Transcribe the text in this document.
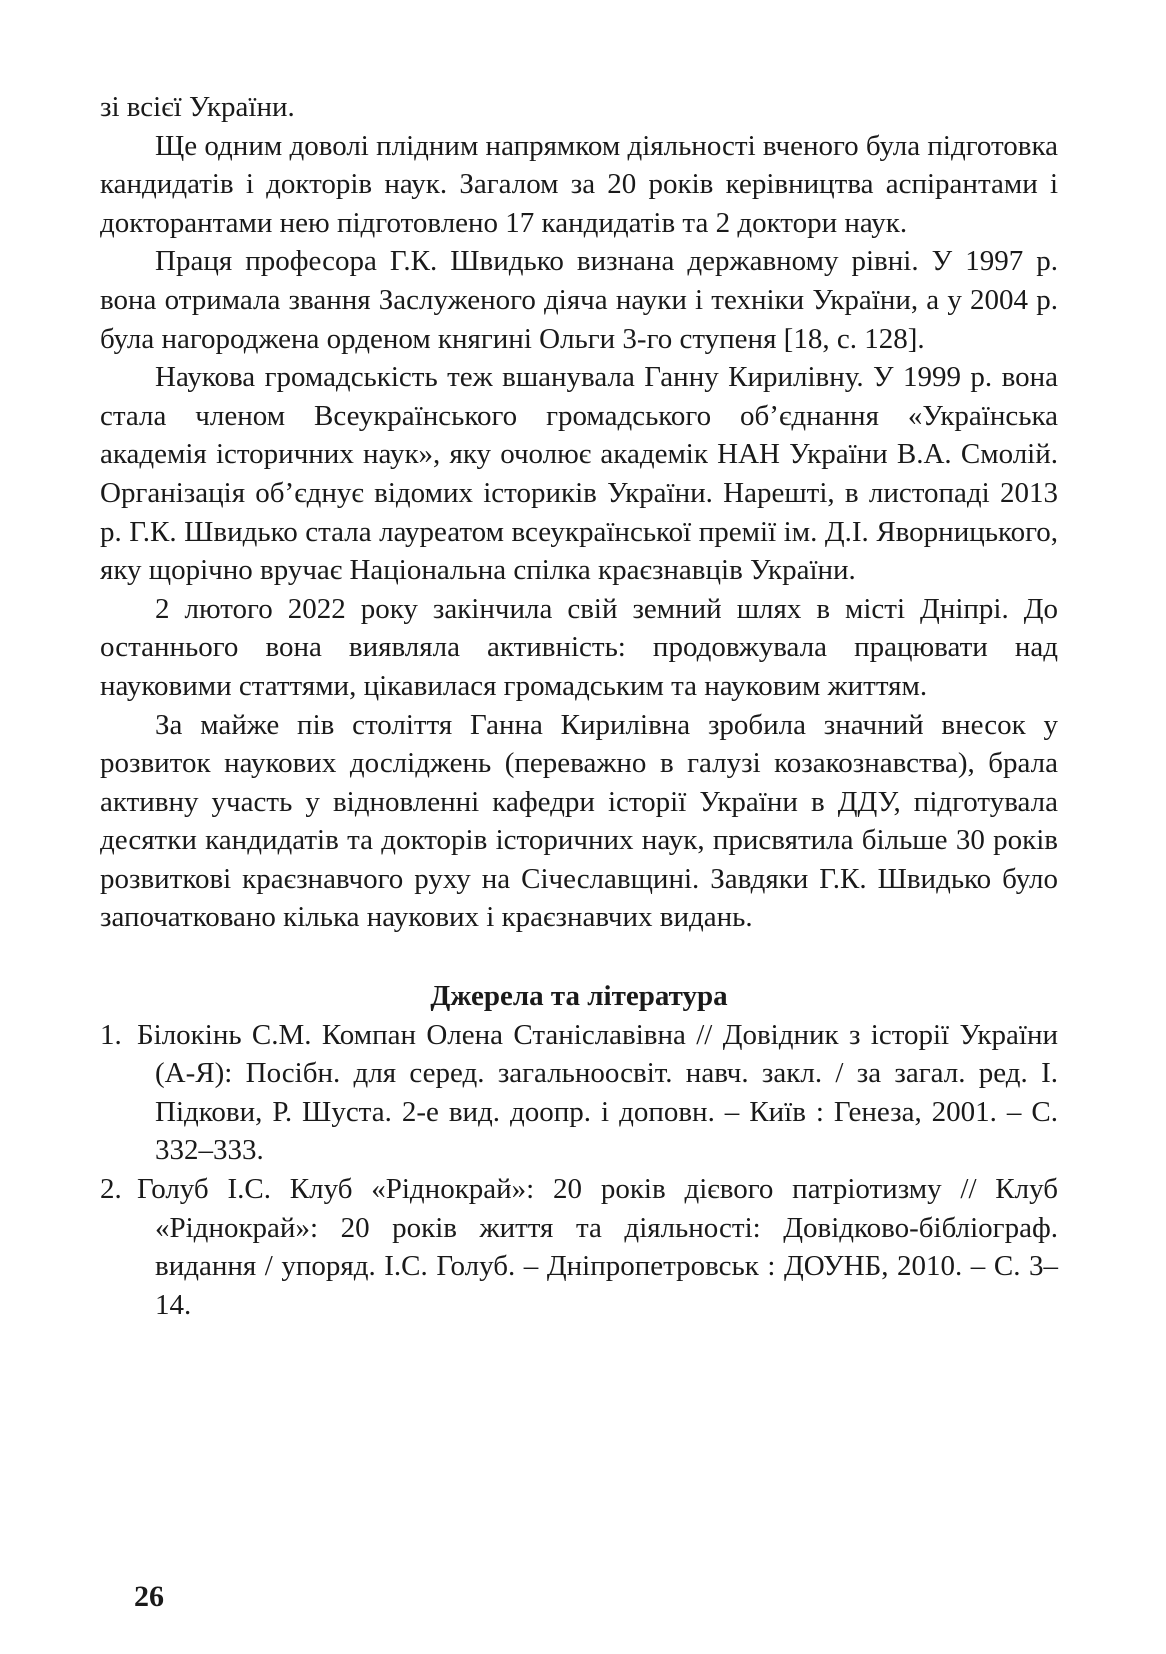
зі всієї України.

Ще одним доволі плідним напрямком діяльності вченого була підготовка кандидатів і докторів наук. Загалом за 20 років керівництва аспірантами і докторантами нею підготовлено 17 кандидатів та 2 доктори наук.

Праця професора Г.К. Швидько визнана державному рівні. У 1997 р. вона отримала звання Заслуженого діяча науки і техніки України, а у 2004 р. була нагороджена орденом княгині Ольги 3-го ступеня [18, с. 128].

Наукова громадськість теж вшанувала Ганну Кирилівну. У 1999 р. вона стала членом Всеукраїнського громадського об’єднання «Українська академія історичних наук», яку очолює академік НАН України В.А. Смолій. Організація об’єднує відомих істориків України. Нарешті, в листопаді 2013 р. Г.К. Швидько стала лауреатом всеукраїнської премії ім. Д.І. Яворницького, яку щорічно вручає Національна спілка краєзнавців України.

2 лютого 2022 року закінчила свій земний шлях в місті Дніпрі. До останнього вона виявляла активність: продовжувала працювати над науковими статтями, цікавилася громадським та науковим життям.

За майже пів століття Ганна Кирилівна зробила значний внесок у розвиток наукових досліджень (переважно в галузі козакознавства), брала активну участь у відновленні кафедри історії України в ДДУ, підготувала десятки кандидатів та докторів історичних наук, присвятила більше 30 років розвиткові краєзнавчого руху на Січеславщині. Завдяки Г.К. Швидько було започатковано кілька наукових і краєзнавчих видань.

Джерела та література

1. Білокінь С.М. Компан Олена Станіславівна // Довідник з історії України (А-Я): Посібн. для серед. загальноосвіт. навч. закл. / за загал. ред. І. Підкови, Р. Шуста. 2-е вид. доопр. і доповн. – Київ : Генеза, 2001. – С. 332–333.

2. Голуб І.С. Клуб «Ріднокрай»: 20 років дієвого патріотизму // Клуб «Ріднокрай»: 20 років життя та діяльності: Довідково-бібліограф. видання / упоряд. І.С. Голуб. – Дніпропетровськ : ДОУНБ, 2010. – С. 3–14.

26
